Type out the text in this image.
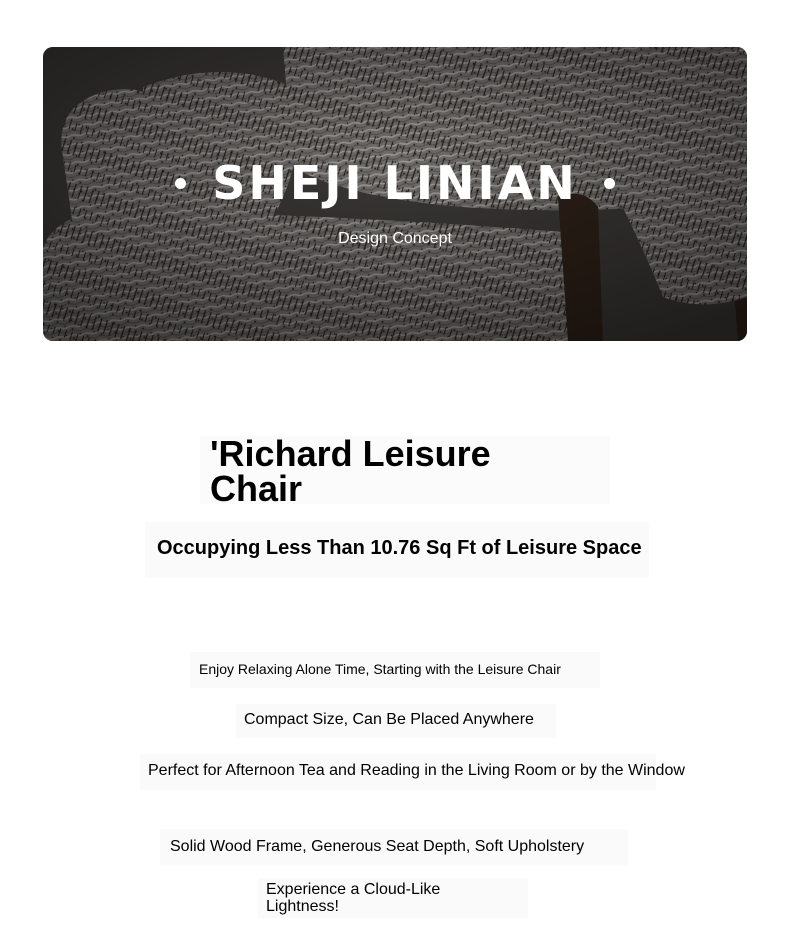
SHEJI LINIAN
Design Concept
'Richard Leisure Chair
Occupying Less Than 10.76 Sq Ft of Leisure Space
Enjoy Relaxing Alone Time, Starting with the Leisure Chair
Compact Size, Can Be Placed Anywhere
Perfect for Afternoon Tea and Reading in the Living Room or by the Window
Solid Wood Frame, Generous Seat Depth, Soft Upholstery
Experience a Cloud-Like Lightness!
